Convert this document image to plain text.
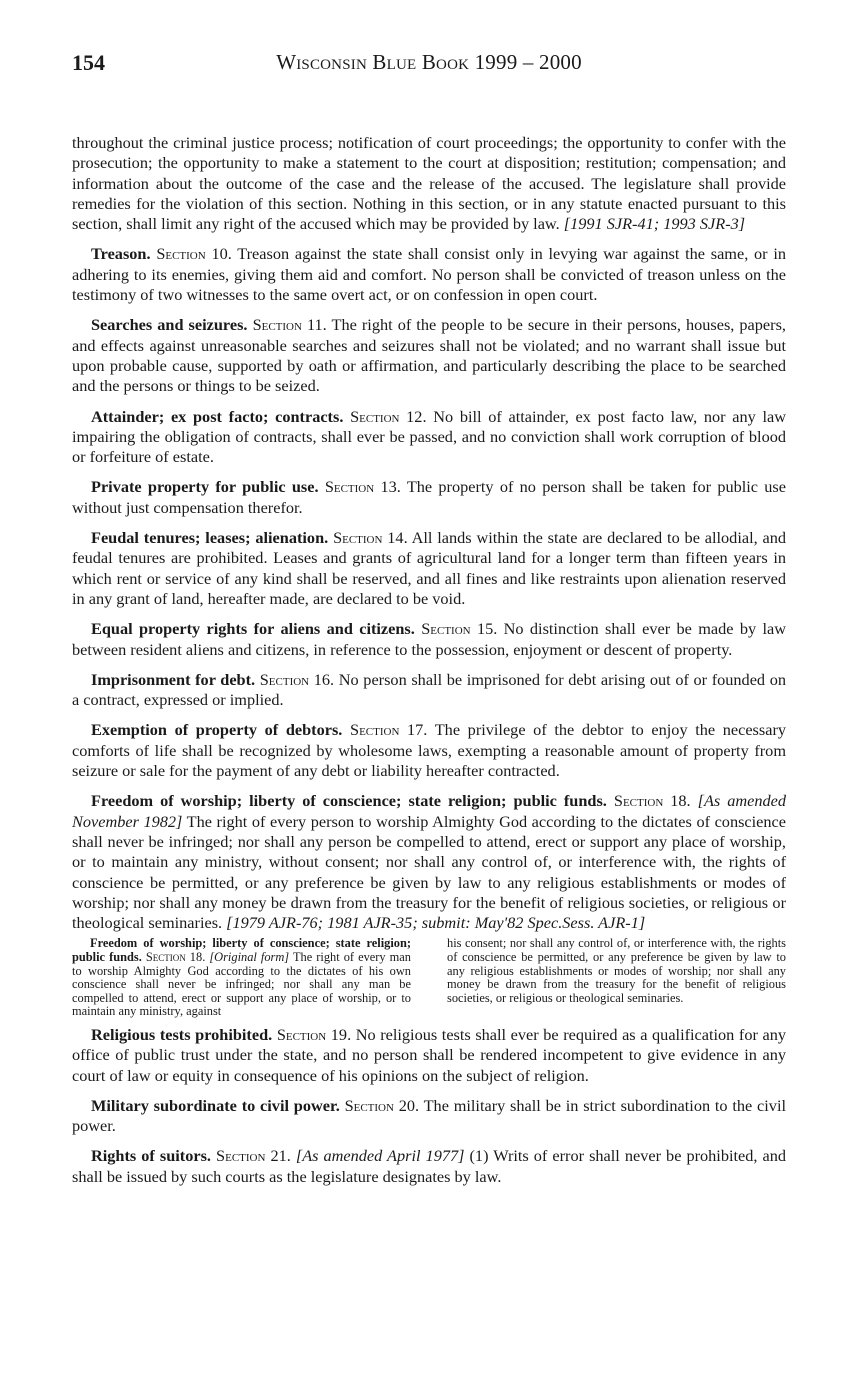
154	Wisconsin Blue Book 1999 – 2000

throughout the criminal justice process; notification of court proceedings; the opportunity to confer with the prosecution; the opportunity to make a statement to the court at disposition; restitution; compensation; and information about the outcome of the case and the release of the accused. The legislature shall provide remedies for the violation of this section. Nothing in this section, or in any statute enacted pursuant to this section, shall limit any right of the accused which may be provided by law. [1991 SJR-41; 1993 SJR-3]

Treason. Section 10. Treason against the state shall consist only in levying war against the same, or in adhering to its enemies, giving them aid and comfort. No person shall be convicted of treason unless on the testimony of two witnesses to the same overt act, or on confession in open court.

Searches and seizures. Section 11. The right of the people to be secure in their persons, houses, papers, and effects against unreasonable searches and seizures shall not be violated; and no warrant shall issue but upon probable cause, supported by oath or affirmation, and particularly describing the place to be searched and the persons or things to be seized.

Attainder; ex post facto; contracts. Section 12. No bill of attainder, ex post facto law, nor any law impairing the obligation of contracts, shall ever be passed, and no conviction shall work corruption of blood or forfeiture of estate.

Private property for public use. Section 13. The property of no person shall be taken for public use without just compensation therefor.

Feudal tenures; leases; alienation. Section 14. All lands within the state are declared to be allodial, and feudal tenures are prohibited. Leases and grants of agricultural land for a longer term than fifteen years in which rent or service of any kind shall be reserved, and all fines and like restraints upon alienation reserved in any grant of land, hereafter made, are declared to be void.

Equal property rights for aliens and citizens. Section 15. No distinction shall ever be made by law between resident aliens and citizens, in reference to the possession, enjoyment or descent of property.

Imprisonment for debt. Section 16. No person shall be imprisoned for debt arising out of or founded on a contract, expressed or implied.

Exemption of property of debtors. Section 17. The privilege of the debtor to enjoy the necessary comforts of life shall be recognized by wholesome laws, exempting a reasonable amount of property from seizure or sale for the payment of any debt or liability hereafter contracted.

Freedom of worship; liberty of conscience; state religion; public funds. Section 18. [As amended November 1982] The right of every person to worship Almighty God according to the dictates of conscience shall never be infringed; nor shall any person be compelled to attend, erect or support any place of worship, or to maintain any ministry, without consent; nor shall any control of, or interference with, the rights of conscience be permitted, or any preference be given by law to any religious establishments or modes of worship; nor shall any money be drawn from the treasury for the benefit of religious societies, or religious or theological seminaries. [1979 AJR-76; 1981 AJR-35; submit: May'82 Spec.Sess. AJR-1]

Freedom of worship; liberty of conscience; state religion; public funds. Section 18. [Original form] The right of every man to worship Almighty God according to the dictates of his own conscience shall never be infringed; nor shall any man be compelled to attend, erect or support any place of worship, or to maintain any ministry, against
his consent; nor shall any control of, or interference with, the rights of conscience be permitted, or any preference be given by law to any religious establishments or modes of worship; nor shall any money be drawn from the treasury for the benefit of religious societies, or religious or theological seminaries.

Religious tests prohibited. Section 19. No religious tests shall ever be required as a qualification for any office of public trust under the state, and no person shall be rendered incompetent to give evidence in any court of law or equity in consequence of his opinions on the subject of religion.

Military subordinate to civil power. Section 20. The military shall be in strict subordination to the civil power.

Rights of suitors. Section 21. [As amended April 1977] (1) Writs of error shall never be prohibited, and shall be issued by such courts as the legislature designates by law.
